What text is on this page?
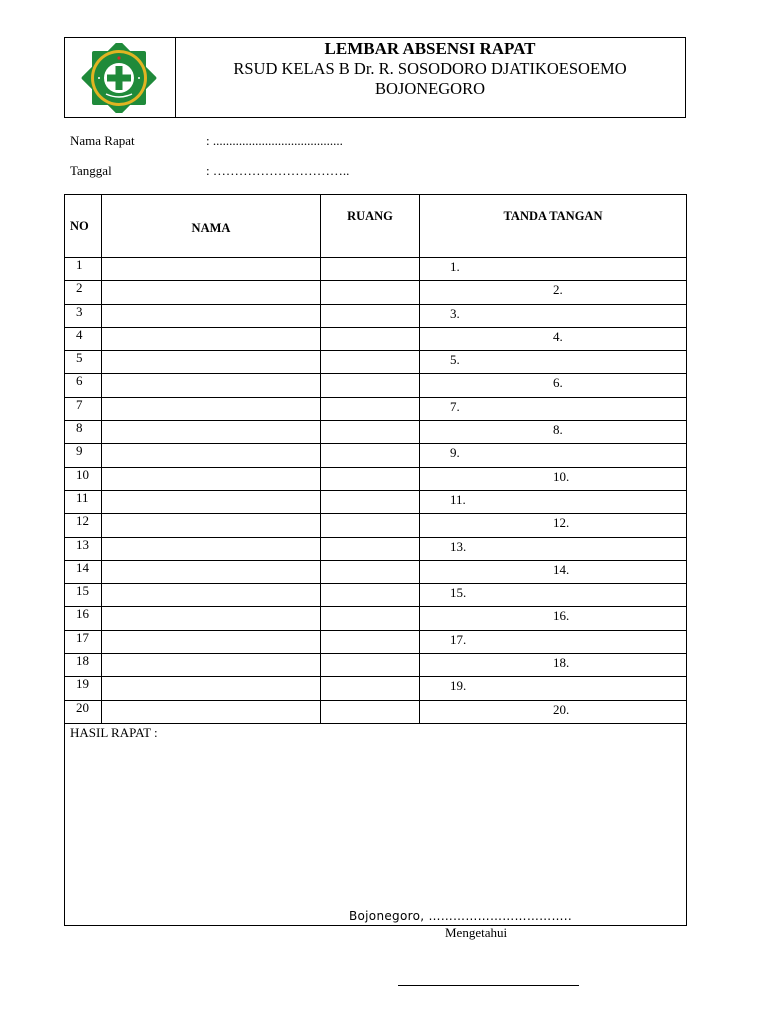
LEMBAR ABSENSI RAPAT
RSUD KELAS B Dr. R. SOSODORO DJATIKOESOEMO
BOJONEGORO
Nama Rapat	: ........................................
Tanggal	: …………………………..
NO	NAMA	RUANG	TANDA TANGAN
1			1.

2			2.

3			3.

4			4.

5			5.

6			6.

7			7.

8			8.

9			9.

10			10.

11			11.

12			12.

13			13.

14			14.

15			15.

16			16.

17			17.

18			18.

19			19.

20			20.

HASIL RAPAT :			
Bojonegoro, ……………………………..
Mengetahui
